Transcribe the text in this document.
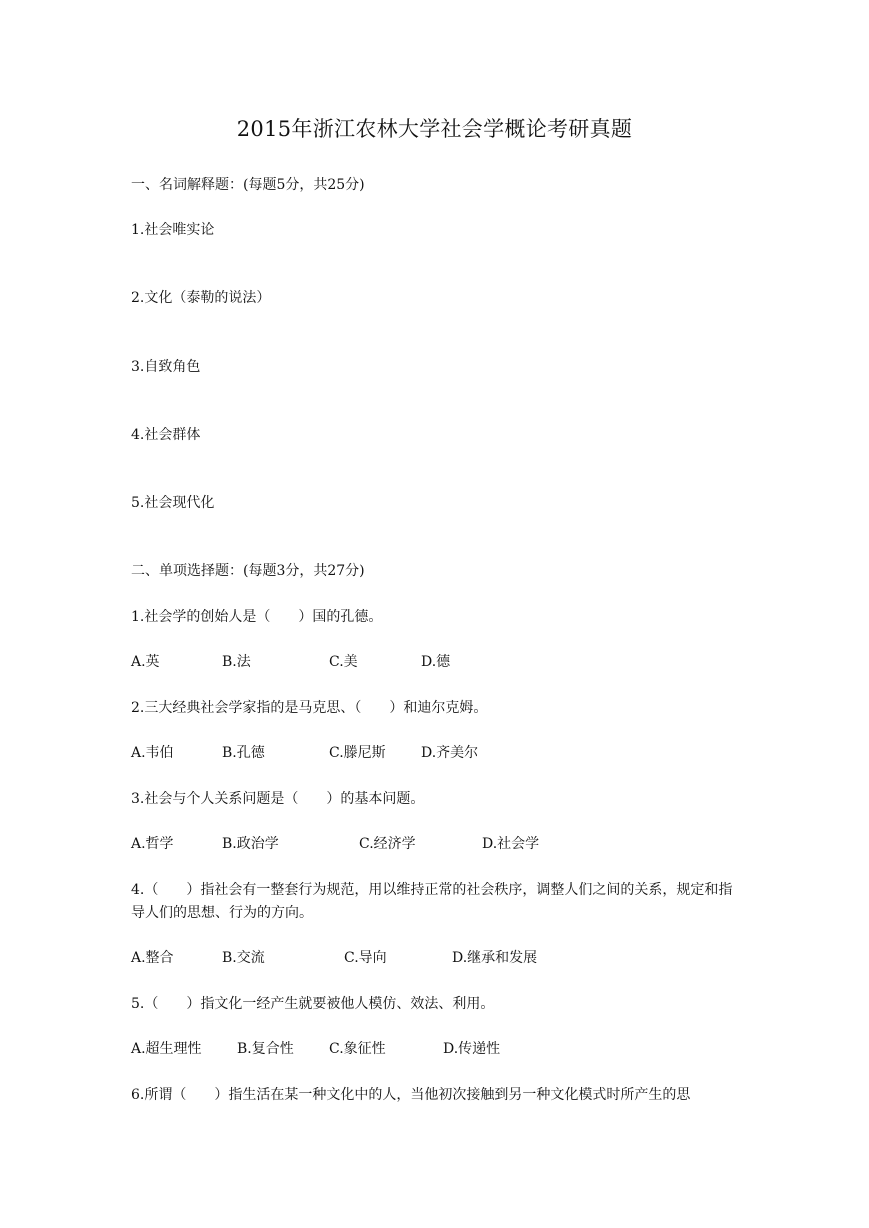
2015年浙江农林大学社会学概论考研真题
一、名词解释题：(每题5分，共25分)
1.社会唯实论
2.文化（泰勒的说法）
3.自致角色
4.社会群体
5.社会现代化
二、单项选择题：(每题3分，共27分)
1.社会学的创始人是（　　）国的孔德。
A.英	B.法	C.美	D.德
2.三大经典社会学家指的是马克思、（　　）和迪尔克姆。
A.韦伯	B.孔德	C.滕尼斯	D.齐美尔
3.社会与个人关系问题是（　　）的基本问题。
A.哲学	B.政治学	C.经济学	D.社会学
4.（　　）指社会有一整套行为规范，用以维持正常的社会秩序，调整人们之间的关系，规定和指导人们的思想、行为的方向。
A.整合	B.交流	C.导向	D.继承和发展
5.（　　）指文化一经产生就要被他人模仿、效法、利用。
A.超生理性	B.复合性	C.象征性	D.传递性
6.所谓（　　）指生活在某一种文化中的人，当他初次接触到另一种文化模式时所产生的思
